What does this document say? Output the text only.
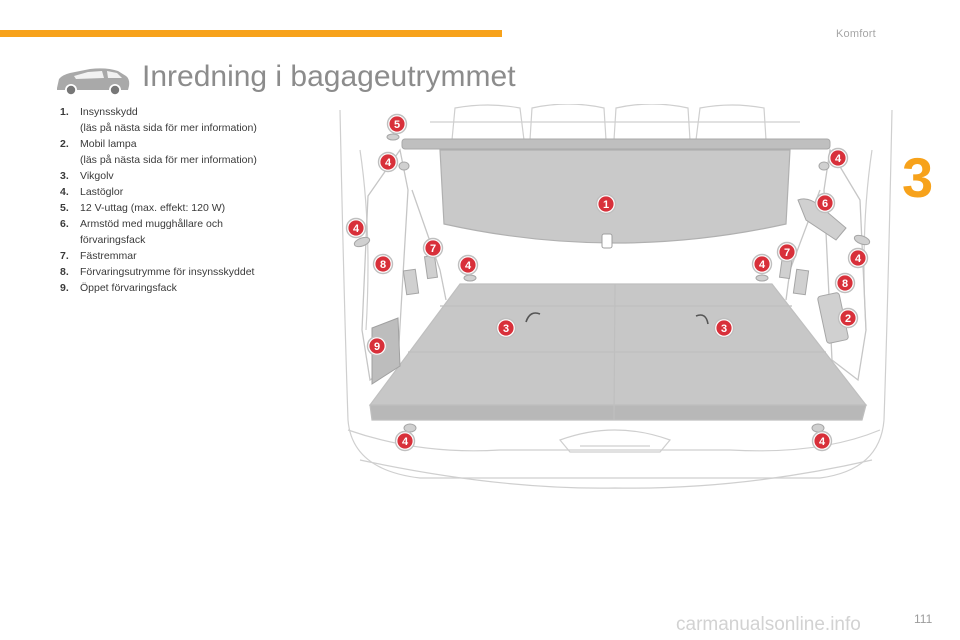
Komfort
3
Inredning i bagageutrymmet
1.	Insynsskydd
(läs på nästa sida för mer information)
2.	Mobil lampa
(läs på nästa sida för mer information)
3.	Vikgolv
4.	Lastöglor
5.	12 V-uttag (max. effekt: 120 W)
6.	Armstöd med mugghållare och
förvaringsfack
7.	Fästremmar
8.	Förvaringsutrymme för insynsskyddet
9.	Öppet förvaringsfack
1
2
3	3
4	4
4
4
4	4
4	4
5
6
7	7
8
8
9
carmanualsonline.info	111
